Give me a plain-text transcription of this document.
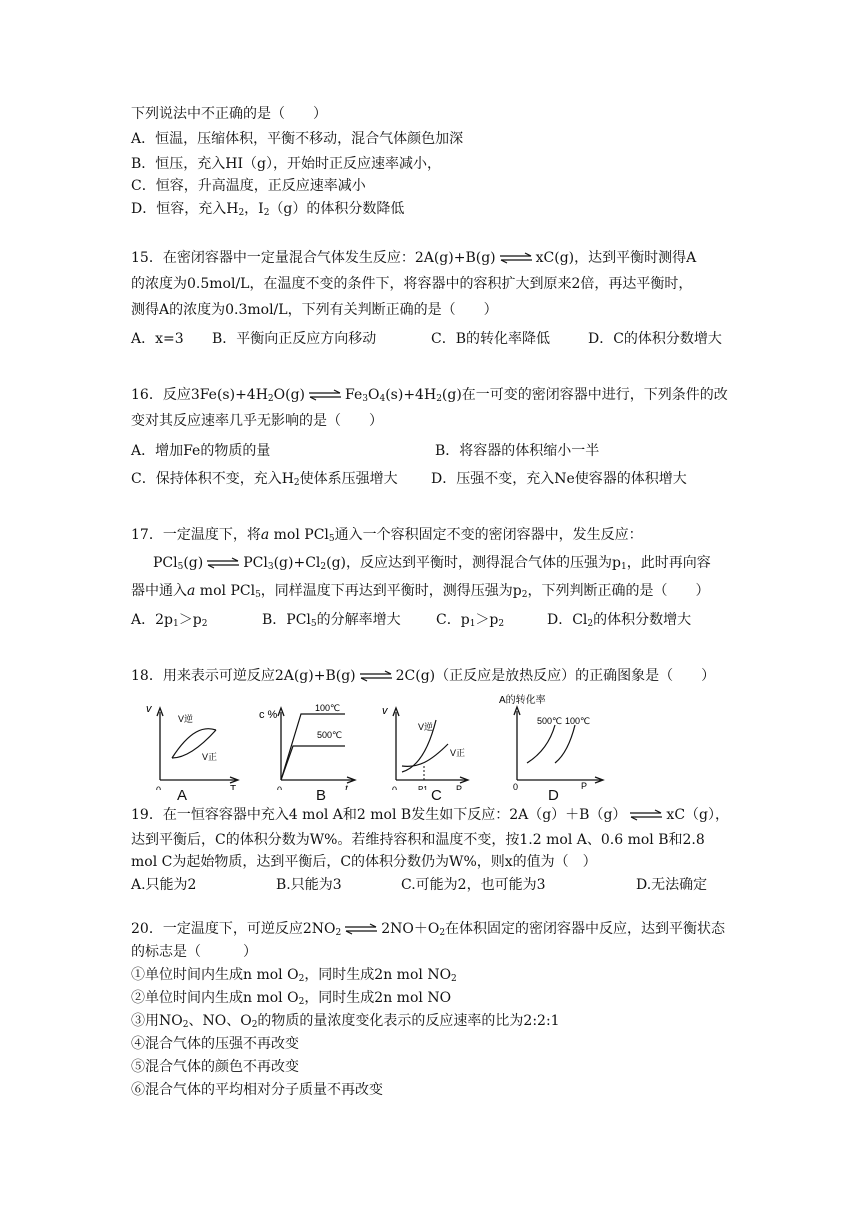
下列说法中不正确的是（　　）
A．恒温，压缩体积，平衡不移动，混合气体颜色加深
B．恒压，充入HI（g），开始时正反应速率减小，
C．恒容，升高温度，正反应速率减小
D．恒容，充入$H_2$，$I_2(g)$的体积分数降低
15．在密闭容器中一定量混合气体发生反应：2A(g)+B(g)	xC(g)，达到平衡时测得A
的浓度为0.5mol/L，在温度不变的条件下，将容器中的容积扩大到原来2倍，再达平衡时，
测得A的浓度为0.3mol/L，下列有关判断正确的是（　　）
A．x=3 B．平衡向正反应方向移动	C．B的转化率降低	D．C的体积分数增大
16．反应$3Fe(s)+4H_2O(g)$	$Fe_3O_4(s)+4H_2(g)$在一可变的密闭容器中进行，下列条件的改
变对其反应速率几乎无影响的是（　　）
A．增加Fe的物质的量	B．将容器的体积缩小一半
C．保持体积不变，充入$H_2$使体系压强增大 D．压强不变，充入Ne使容器的体积增大
17．一定温度下，将a mol PCl$_5$通入一个容积固定不变的密闭容器中，发生反应：
PCl$_5$(g)	$PCl_3(g)+Cl_2(g)$，反应达到平衡时，测得混合气体的压强为$p_1$，此时再向容
器中通入a mol PCl$_5$，同样温度下再达到平衡时，测得压强为$p_2$，下列判断正确的是（　　）
A．$2p_1>p_2$	B．PCl$_5$的分解率增大	C．$p_1>p_2$	D．$Cl_2$的体积分数增大
18．用来表示可逆反应2A(g)+B(g)	2C(g)（正反应是放热反应）的正确图象是（　　）
v
T
0
V逆
V正
A
c %
t
0
100℃
500℃
B
v
P
0	P1
V逆
V正
C
A的转化率
P
0
500℃ 100℃
D
19．在一恒容容器中充入4 mol A和2 mol B发生如下反应：2A（g）＋B（g）	xC（g），
达到平衡后，C的体积分数为W%。若维持容积和温度不变，按1.2 mol A、0.6 mol B和2.8
mol C为起始物质，达到平衡后，C的体积分数仍为W%，则x的值为（　）
A.只能为2	B.只能为3	C.可能为2，也可能为3	D.无法确定
20．一定温度下，可逆反应$2NO_2$	$2NO+O_2$在体积固定的密闭容器中反应，达到平衡状态
的标志是（　　　）
①单位时间内生成n mol $O_2$，同时生成2n mol $NO_2$
②单位时间内生成n mol $O_2$，同时生成2n mol NO
③用$NO_2$、NO、$O_2$的物质的量浓度变化表示的反应速率的比为2:2:1
④混合气体的压强不再改变
⑤混合气体的颜色不再改变
⑥混合气体的平均相对分子质量不再改变
